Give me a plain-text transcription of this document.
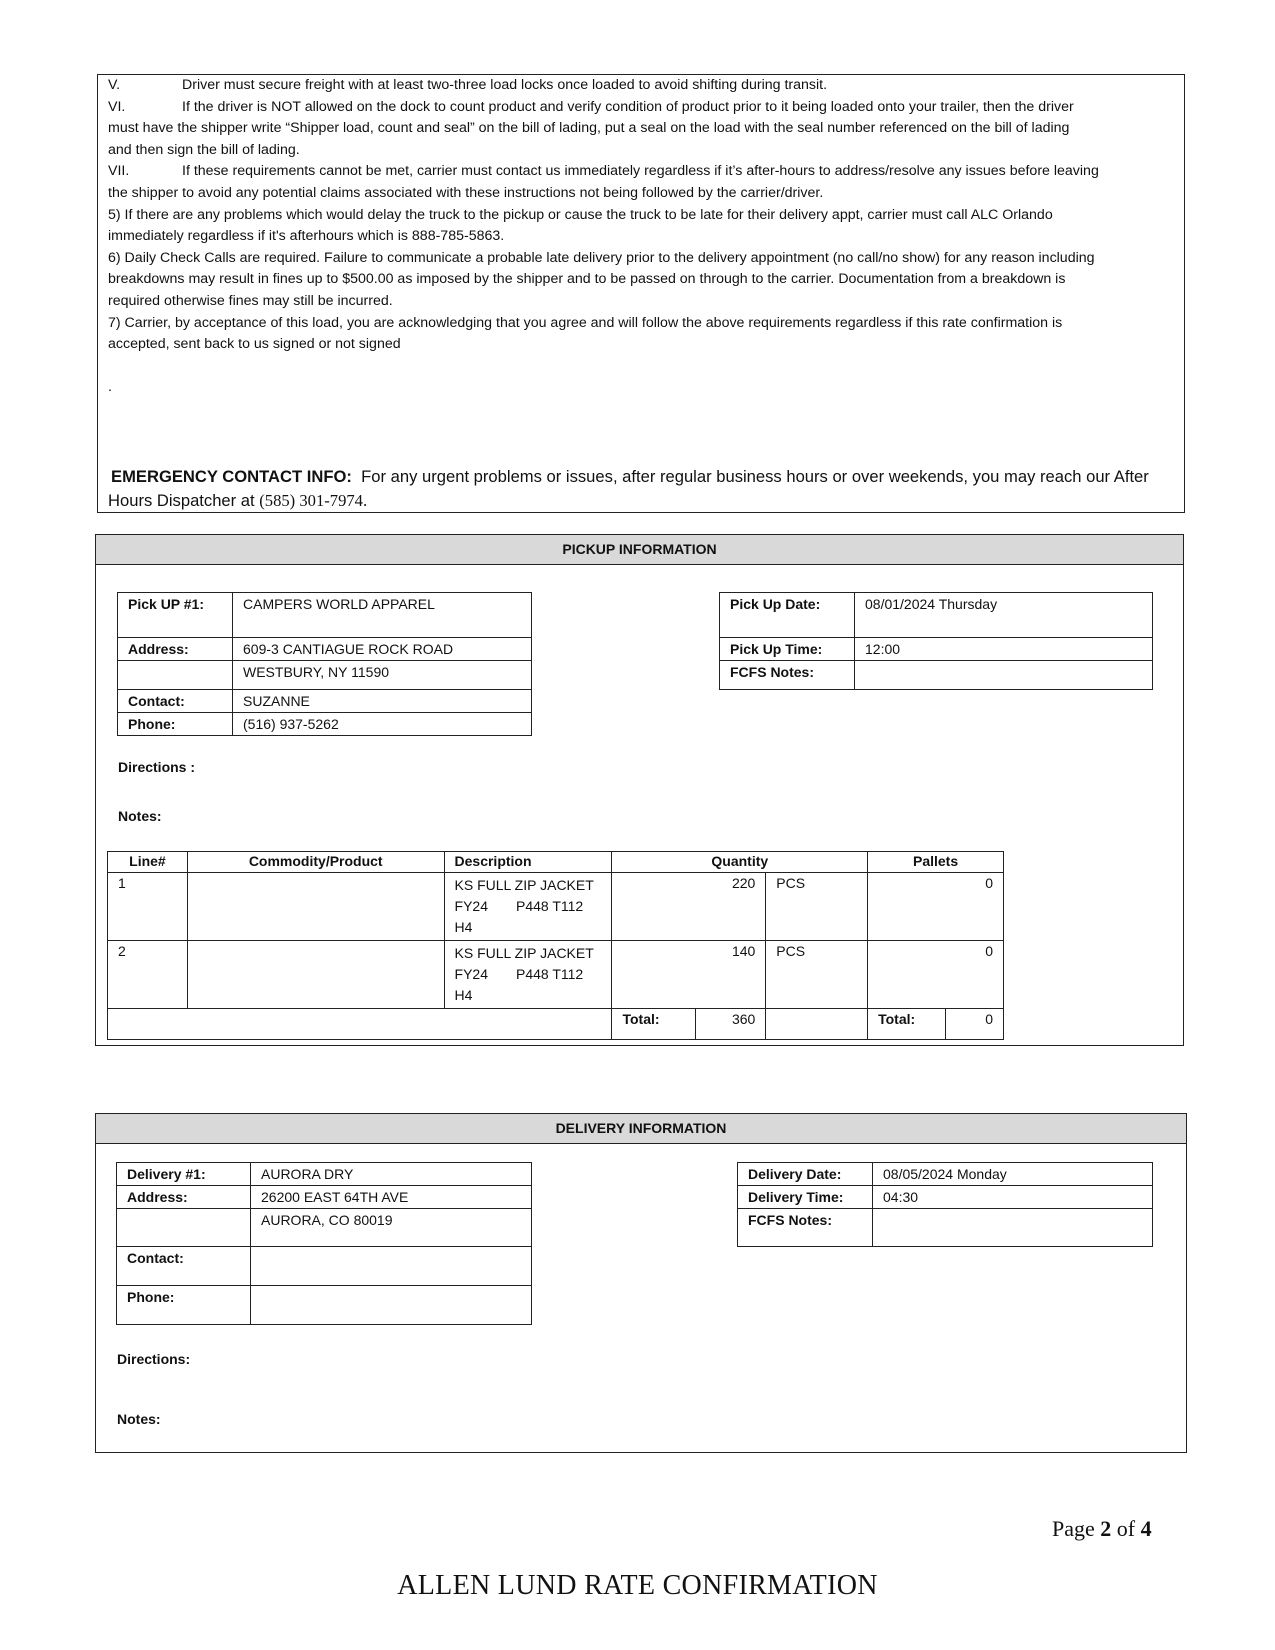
V.	Driver must secure freight with at least two-three load locks once loaded to avoid shifting during transit.
VI.	If the driver is NOT allowed on the dock to count product and verify condition of product prior to it being loaded onto your trailer, then the driver
must have the shipper write “Shipper load, count and seal” on the bill of lading, put a seal on the load with the seal number referenced on the bill of lading
and then sign the bill of lading.
VII.	If these requirements cannot be met, carrier must contact us immediately regardless if it’s after-hours to address/resolve any issues before leaving
the shipper to avoid any potential claims associated with these instructions not being followed by the carrier/driver.
5) If there are any problems which would delay the truck to the pickup or cause the truck to be late for their delivery appt, carrier must call ALC Orlando
immediately regardless if it's afterhours which is 888-785-5863.
6) Daily Check Calls are required. Failure to communicate a probable late delivery prior to the delivery appointment (no call/no show) for any reason including
breakdowns may result in fines up to $500.00 as imposed by the shipper and to be passed on through to the carrier. Documentation from a breakdown is
required otherwise fines may still be incurred.
7) Carrier, by acceptance of this load, you are acknowledging that you agree and will follow the above requirements regardless if this rate confirmation is
accepted, sent back to us signed or not signed
.
EMERGENCY CONTACT INFO: For any urgent problems or issues, after regular business hours or over weekends, you may reach our After
Hours Dispatcher at (585) 301-7974.
PICKUP INFORMATION
Pick UP #1:	CAMPERS WORLD APPAREL
Address:	609-3 CANTIAGUE ROCK ROAD
	WESTBURY, NY 11590
Contact:	SUZANNE
Phone:	(516) 937-5262
Pick Up Date:	08/01/2024 Thursday
Pick Up Time:	12:00
FCFS Notes:	
Directions :
Notes:
Line#	Commodity/Product	Description	Quantity			Pallets	
1		KS FULL ZIP JACKET
FY24 P448 T112
H4	220		PCS	0	
2		KS FULL ZIP JACKET
FY24 P448 T112
H4	140		PCS	0	
			Total:	360		Total:	0
DELIVERY INFORMATION
Delivery #1:	AURORA DRY
Address:	26200 EAST 64TH AVE
	AURORA, CO 80019
Contact:	
Phone:	
Delivery Date:	08/05/2024 Monday
Delivery Time:	04:30
FCFS Notes:	
Directions:
Notes:
Page 2 of 4
ALLEN LUND RATE CONFIRMATION
